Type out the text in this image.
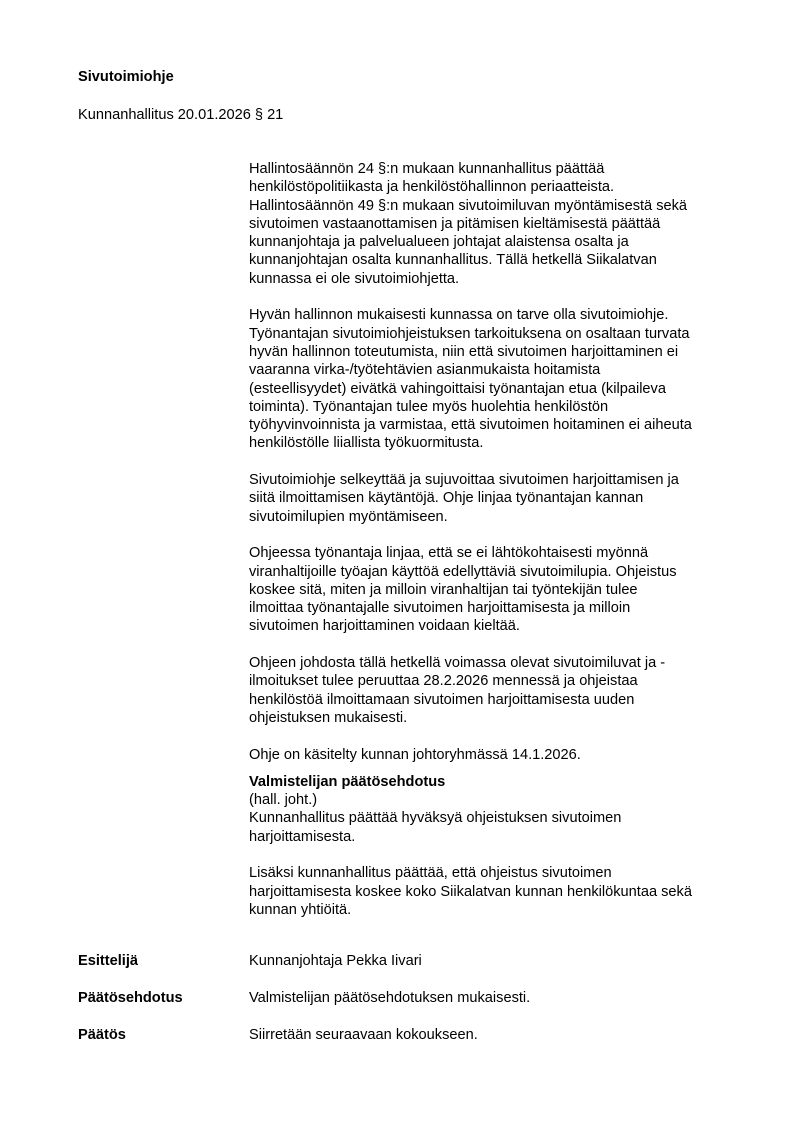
Sivutoimiohje
Kunnanhallitus 20.01.2026 § 21

Hallintosäännön 24 §:n mukaan kunnanhallitus päättää
henkilöstöpolitiikasta ja henkilöstöhallinnon periaatteista.
Hallintosäännön 49 §:n mukaan sivutoimiluvan myöntämisestä sekä
sivutoimen vastaanottamisen ja pitämisen kieltämisestä päättää
kunnanjohtaja ja palvelualueen johtajat alaistensa osalta ja
kunnanjohtajan osalta kunnanhallitus. Tällä hetkellä Siikalatvan
kunnassa ei ole sivutoimiohjetta.

Hyvän hallinnon mukaisesti kunnassa on tarve olla sivutoimiohje.
Työnantajan sivutoimiohjeistuksen tarkoituksena on osaltaan turvata
hyvän hallinnon toteutumista, niin että sivutoimen harjoittaminen ei
vaaranna virka-/työtehtävien asianmukaista hoitamista
(esteellisyydet) eivätkä vahingoittaisi työnantajan etua (kilpaileva
toiminta). Työnantajan tulee myös huolehtia henkilöstön
työhyvinvoinnista ja varmistaa, että sivutoimen hoitaminen ei aiheuta
henkilöstölle liiallista työkuormitusta.

Sivutoimiohje selkeyttää ja sujuvoittaa sivutoimen harjoittamisen ja
siitä ilmoittamisen käytäntöjä. Ohje linjaa työnantajan kannan
sivutoimilupien myöntämiseen.

Ohjeessa työnantaja linjaa, että se ei lähtökohtaisesti myönnä
viranhaltijoille työajan käyttöä edellyttäviä sivutoimilupia. Ohjeistus
koskee sitä, miten ja milloin viranhaltijan tai työntekijän tulee
ilmoittaa työnantajalle sivutoimen harjoittamisesta ja milloin
sivutoimen harjoittaminen voidaan kieltää.

Ohjeen johdosta tällä hetkellä voimassa olevat sivutoimiluvat ja -
ilmoitukset tulee peruuttaa 28.2.2026 mennessä ja ohjeistaa
henkilöstöä ilmoittamaan sivutoimen harjoittamisesta uuden
ohjeistuksen mukaisesti.

Ohje on käsitelty kunnan johtoryhmässä 14.1.2026.

Valmistelijan päätösehdotus

(hall. joht.)

Kunnanhallitus päättää hyväksyä ohjeistuksen sivutoimen
harjoittamisesta.

Lisäksi kunnanhallitus päättää, että ohjeistus sivutoimen
harjoittamisesta koskee koko Siikalatvan kunnan henkilökuntaa sekä
kunnan yhtiöitä.

Esittelijä	Kunnanjohtaja Pekka Iivari
Päätösehdotus	Valmistelijan päätösehdotuksen mukaisesti.
Päätös	Siirretään seuraavaan kokoukseen.
